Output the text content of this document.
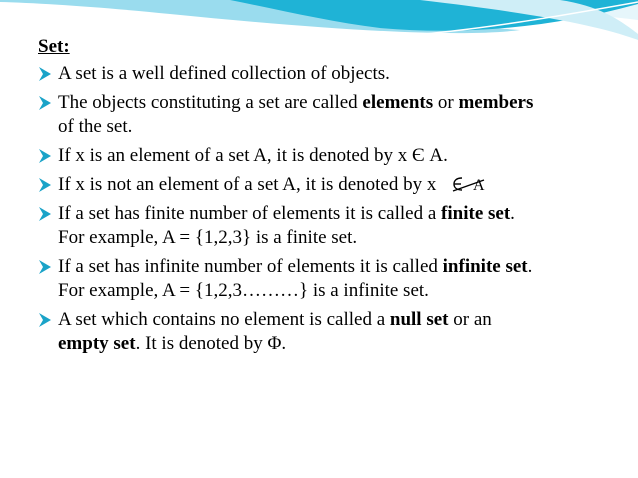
Set:
A set is a well defined collection of objects.
The objects constituting a set are called elements or members
of the set.
If x is an element of a set A, it is denoted by x Є A.
If x is not an element of a set A, it is denoted by x A
If a set has finite number of elements it is called a finite set.
For example, A = {1,2,3} is a finite set.
If a set has infinite number of elements it is called infinite set.
For example, A = {1,2,3………} is a infinite set.
A set which contains no element is called a null set or an
empty set. It is denoted by Φ.
